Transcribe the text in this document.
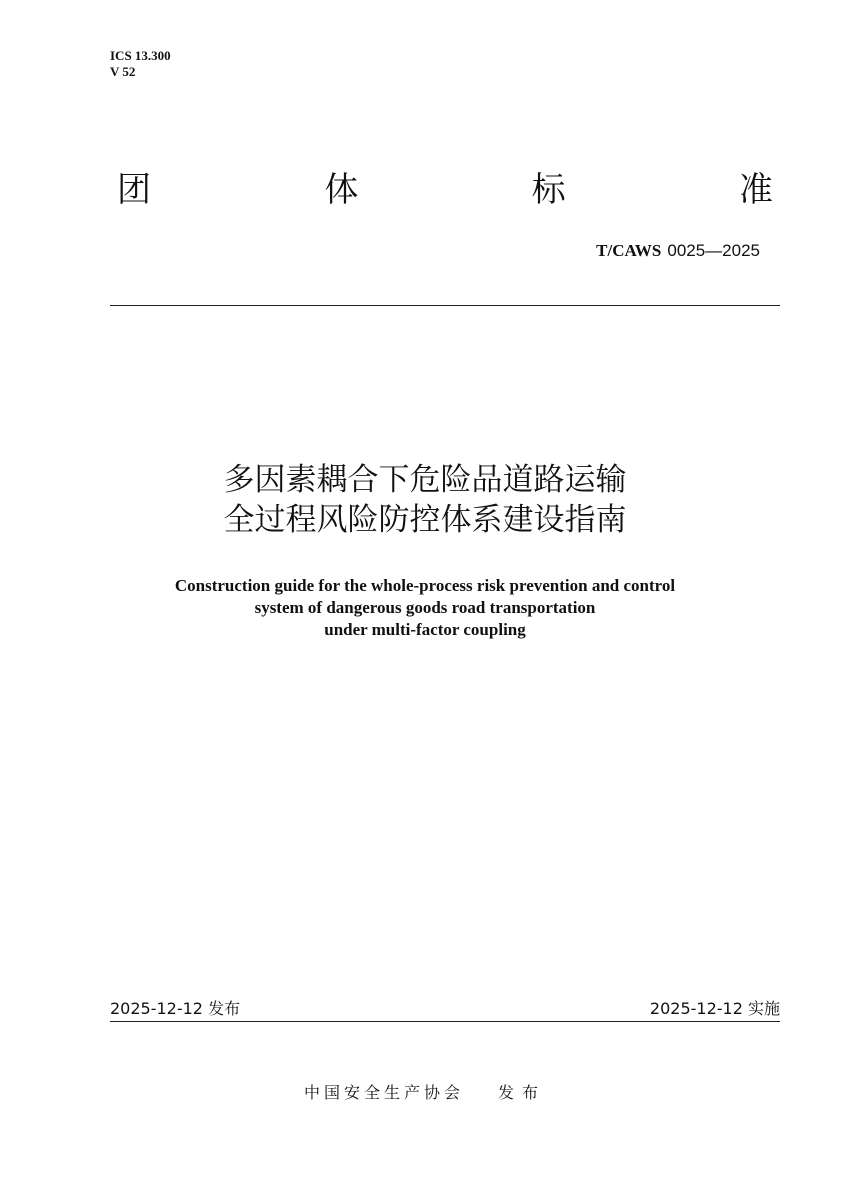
ICS 13.300
V 52
团	体	标	准
T/CAWS 0025—2025
多因素耦合下危险品道路运输
全过程风险防控体系建设指南
Construction guide for the whole-process risk prevention and control
system of dangerous goods road transportation
under multi-factor coupling
2025-12-12 发布	2025-12-12 实施
中国安全生产协会 发布
